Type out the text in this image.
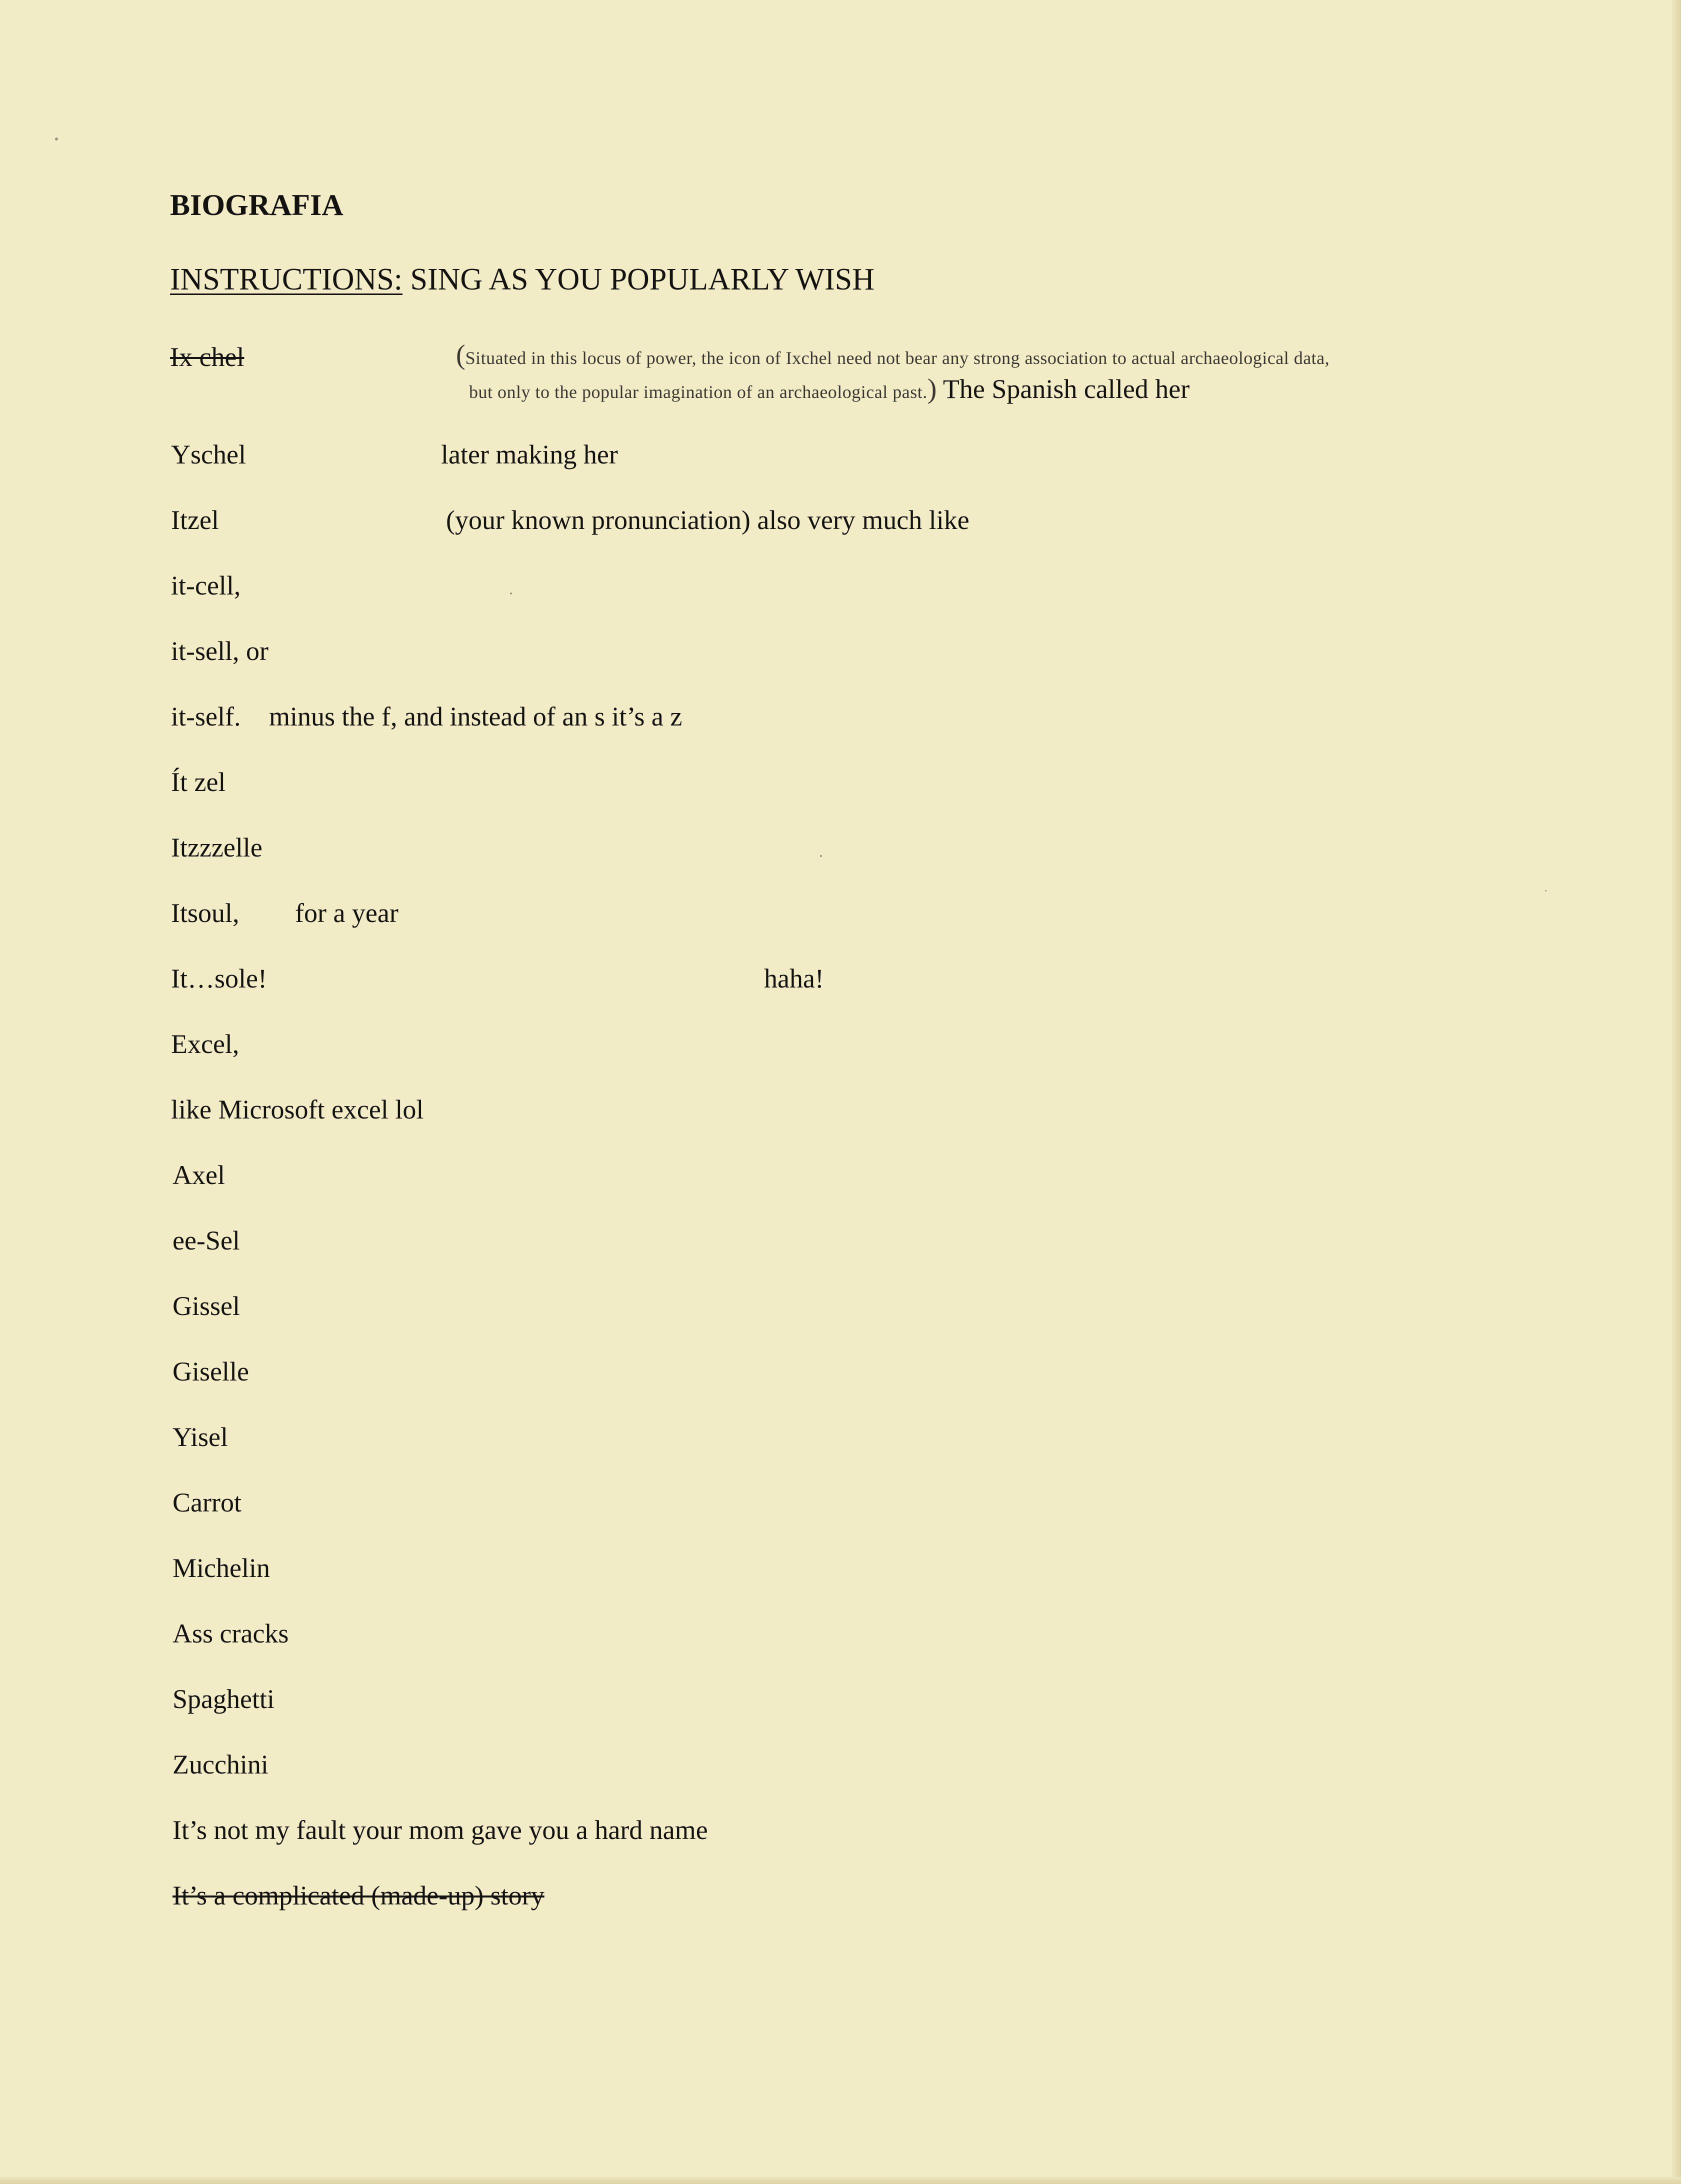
BIOGRAFIA
INSTRUCTIONS: SING AS YOU POPULARLY WISH
Ix chel	(Situated in this locus of power, the icon of Ixchel need not bear any strong association to actual archaeological data,
but only to the popular imagination of an archaeological past.) The Spanish called her
Yschel	later making her
Itzel	(your known pronunciation) also very much like
it-cell,
it-sell, or
it-self. minus the f, and instead of an s it’s a z
Ít zel
Itzzzelle
Itsoul, for a year
It…sole!	haha!
Excel,
like Microsoft excel lol
Axel
ee-Sel
Gissel
Giselle
Yisel
Carrot
Michelin
Ass cracks
Spaghetti
Zucchini
It’s not my fault your mom gave you a hard name
It’s a complicated (made-up) story
